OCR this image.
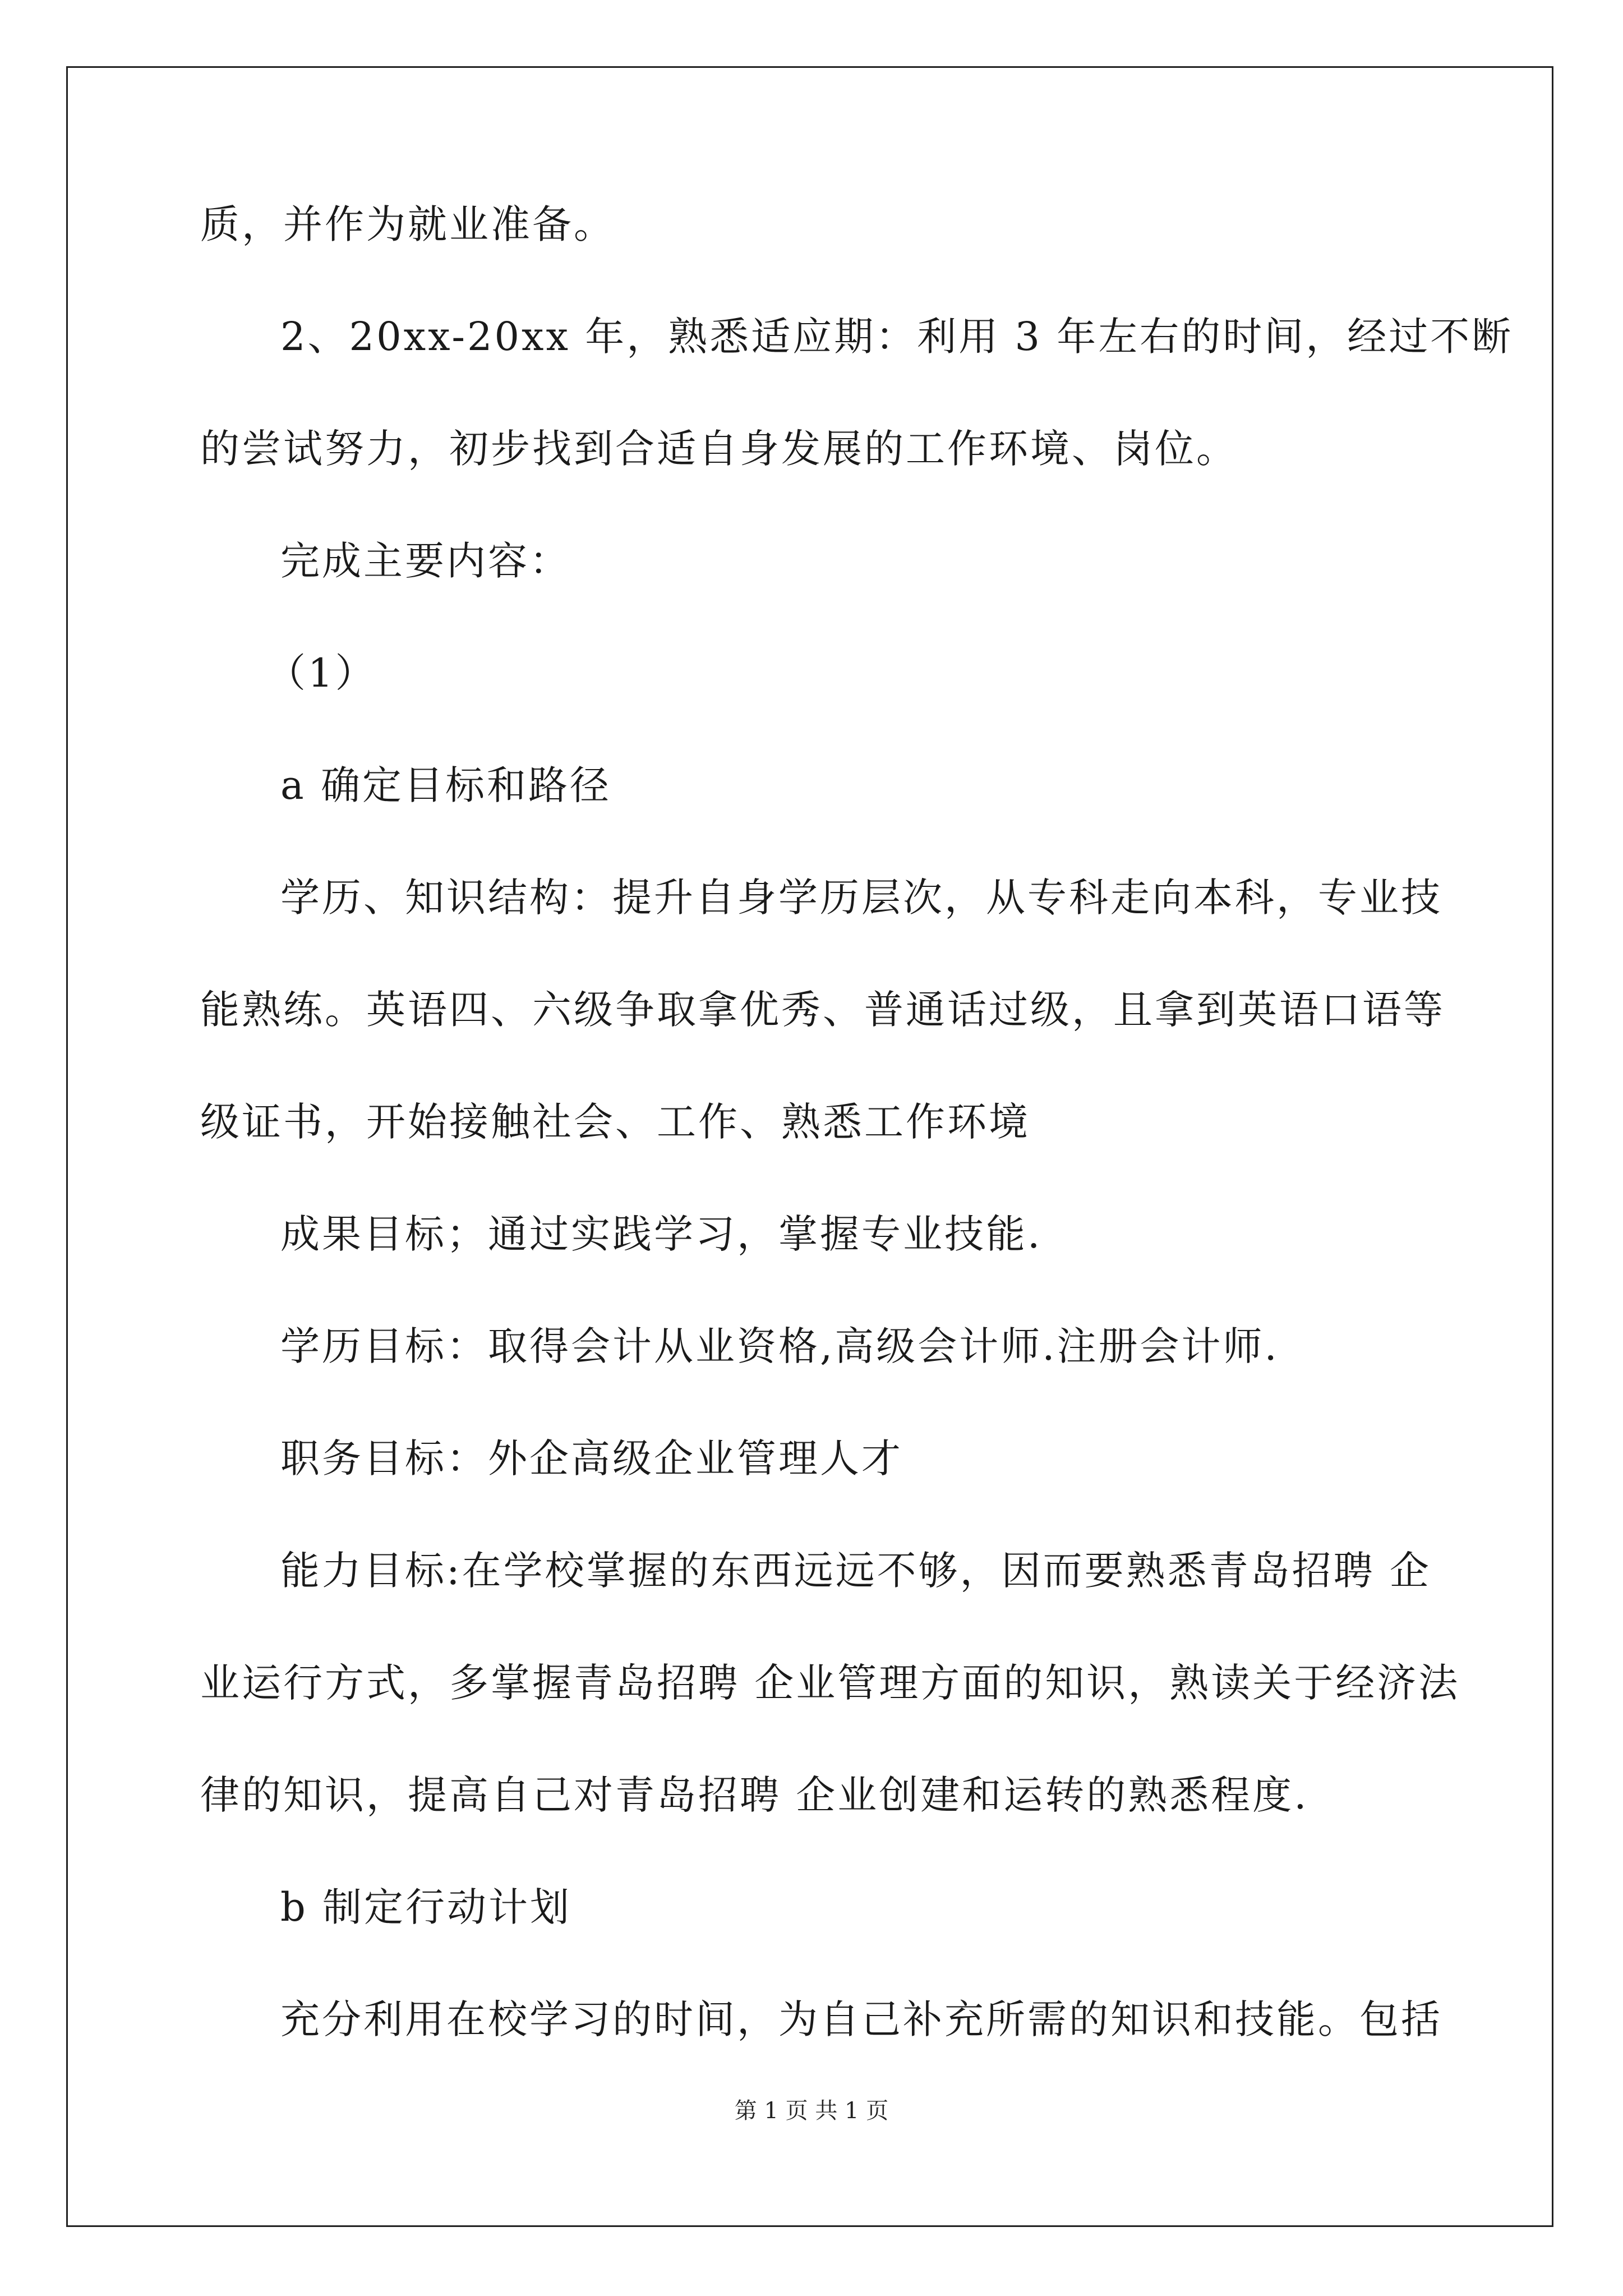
质，并作为就业准备。
2、20xx-20xx 年，熟悉适应期：利用 3 年左右的时间，经过不断
的尝试努力，初步找到合适自身发展的工作环境、岗位。
完成主要内容：
（1）
a 确定目标和路径
学历、知识结构：提升自身学历层次，从专科走向本科，专业技
能熟练。英语四、六级争取拿优秀、普通话过级，且拿到英语口语等
级证书，开始接触社会、工作、熟悉工作环境
成果目标；通过实践学习，掌握专业技能.
学历目标：取得会计从业资格,高级会计师.注册会计师.
职务目标：外企高级企业管理人才
能力目标:在学校掌握的东西远远不够，因而要熟悉青岛招聘 企
业运行方式，多掌握青岛招聘 企业管理方面的知识，熟读关于经济法
律的知识，提高自己对青岛招聘 企业创建和运转的熟悉程度.
b 制定行动计划
充分利用在校学习的时间，为自己补充所需的知识和技能。包括
第 1 页 共 1 页
